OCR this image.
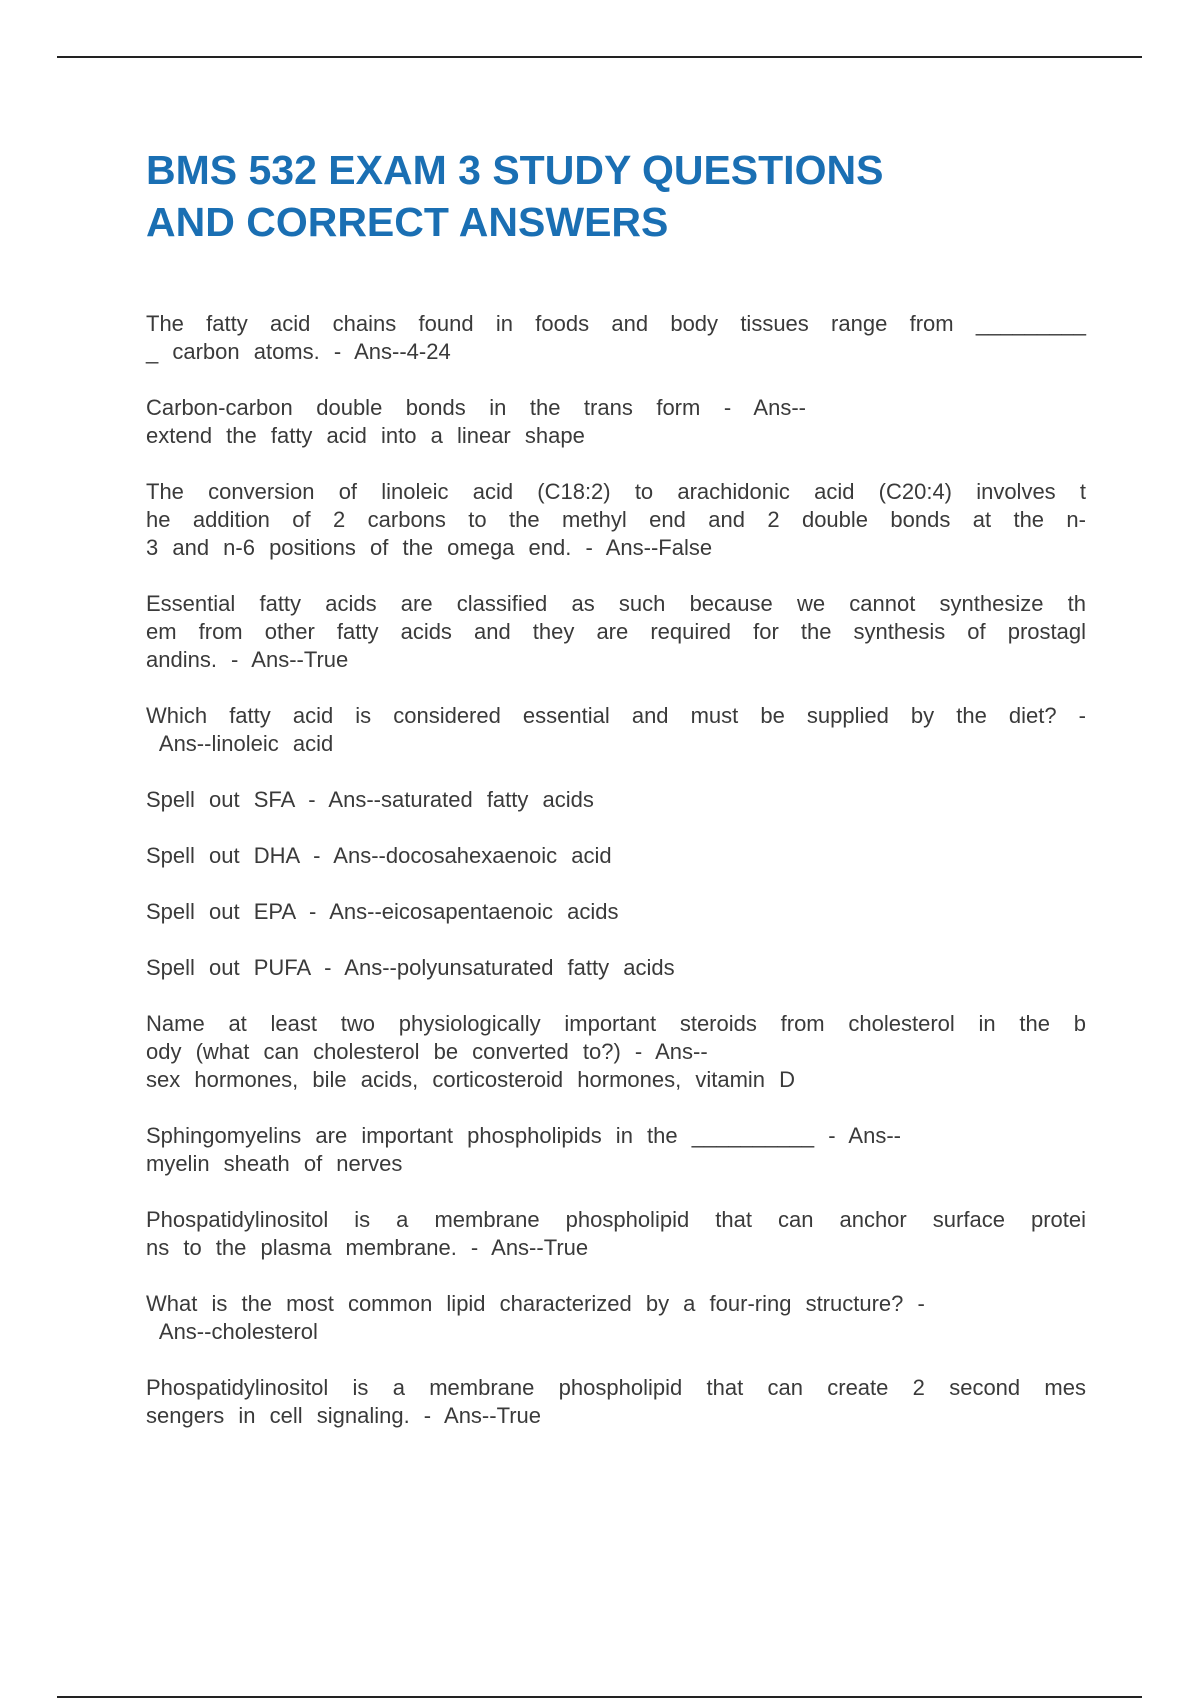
BMS 532 EXAM 3 STUDY QUESTIONS
AND CORRECT ANSWERS
The fatty acid chains found in foods and body tissues range from _________
_ carbon atoms. - Ans--4-24
Carbon-carbon double bonds in the trans form - Ans--
extend the fatty acid into a linear shape
The conversion of linoleic acid (C18:2) to arachidonic acid (C20:4) involves t
he addition of 2 carbons to the methyl end and 2 double bonds at the n-
3 and n-6 positions of the omega end. - Ans--False
Essential fatty acids are classified as such because we cannot synthesize th
em from other fatty acids and they are required for the synthesis of prostagl
andins. - Ans--True
Which fatty acid is considered essential and must be supplied by the diet? -
Ans--linoleic acid
Spell out SFA - Ans--saturated fatty acids
Spell out DHA - Ans--docosahexaenoic acid
Spell out EPA - Ans--eicosapentaenoic acids
Spell out PUFA - Ans--polyunsaturated fatty acids
Name at least two physiologically important steroids from cholesterol in the b
ody (what can cholesterol be converted to?) - Ans--
sex hormones, bile acids, corticosteroid hormones, vitamin D
Sphingomyelins are important phospholipids in the __________ - Ans--
myelin sheath of nerves
Phospatidylinositol is a membrane phospholipid that can anchor surface protei
ns to the plasma membrane. - Ans--True
What is the most common lipid characterized by a four-ring structure? -
Ans--cholesterol
Phospatidylinositol is a membrane phospholipid that can create 2 second mes
sengers in cell signaling. - Ans--True
